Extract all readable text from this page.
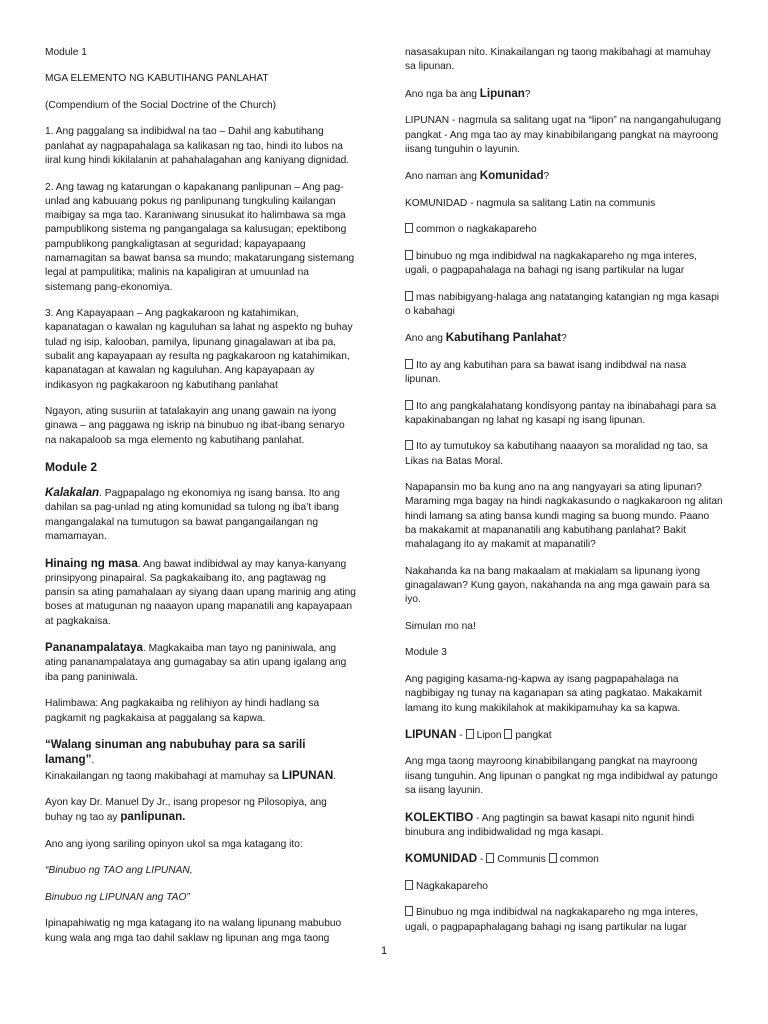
Module 1

MGA ELEMENTO NG KABUTIHANG PANLAHAT

(Compendium of the Social Doctrine of the Church)

1. Ang paggalang sa indibidwal na tao – Dahil ang kabutihang panlahat ay nagpapahalaga sa kalikasan ng tao, hindi ito lubos na iiral kung hindi kikilalanin at pahahalagahan ang kaniyang dignidad.

2. Ang tawag ng katarungan o kapakanang panlipunan – Ang pag-unlad ang kabuuang pokus ng panlipunang tungkuling kailangan maibigay sa mga tao. Karaniwang sinusukat ito halimbawa sa mga pampublikong sistema ng pangangalaga sa kalusugan; epektibong pampublikong pangkaligtasan at seguridad; kapayapaang namamagitan sa bawat bansa sa mundo; makatarungang sistemang legal at pampulitika; malinis na kapaligiran at umuunlad na sistemang pang-ekonomiya.

3. Ang Kapayapaan – Ang pagkakaroon ng katahimikan, kapanatagan o kawalan ng kaguluhan sa lahat ng aspekto ng buhay tulad ng isip, kalooban, pamilya, lipunang ginagalawan at iba pa, subalit ang kapayapaan ay resulta ng pagkakaroon ng katahimikan, kapanatagan at kawalan ng kaguluhan. Ang kapayapaan ay indikasyon ng pagkakaroon ng kabutihang panlahat

Ngayon, ating susuriin at tatalakayin ang unang gawain na iyong ginawa – ang paggawa ng iskrip na binubuo ng ibat-ibang senaryo na nakapaloob sa mga elemento ng kabutihang panlahat.

Module 2

Kalakalan. Pagpapalago ng ekonomiya ng isang bansa. Ito ang dahilan sa pag-unlad ng ating komunidad sa tulong ng iba’t ibang mangangalakal na tumutugon sa bawat pangangailangan ng mamamayan.

Hinaing ng masa. Ang bawat indibidwal ay may kanya-kanyang prinsipyong pinapairal. Sa pagkakaibang ito, ang pagtawag ng pansin sa ating pamahalaan ay siyang daan upang marinig ang ating boses at matugunan ng naaayon upang mapanatili ang kapayapaan at pagkakaisa.

Pananampalataya. Magkakaiba man tayo ng paniniwala, ang ating pananampalataya ang gumagabay sa atin upang igalang ang iba pang paniniwala.

Halimbawa: Ang pagkakaiba ng relihiyon ay hindi hadlang sa pagkamit ng pagkakaisa at paggalang sa kapwa.

“Walang sinuman ang nabubuhay para sa sarili lamang”.
Kinakailangan ng taong makibahagi at mamuhay sa LIPUNAN.

Ayon kay Dr. Manuel Dy Jr., isang propesor ng Pilosopiya, ang buhay ng tao ay panlipunan.

Ano ang iyong sariling opinyon ukol sa mga katagang ito:

“Binubuo ng TAO ang LIPUNAN,

Binubuo ng LIPUNAN ang TAO”

Ipinapahiwatig ng mga katagang ito na walang lipunang mabubuo kung wala ang mga tao dahil saklaw ng lipunan ang mga taong

nasasakupan nito. Kinakailangan ng taong makibahagi at mamuhay sa lipunan.

Ano nga ba ang Lipunan?

LIPUNAN - nagmula sa salitang ugat na “lipon” na nangangahulugang pangkat - Ang mga tao ay may kinabibilangang pangkat na mayroong iisang tunguhin o layunin.

Ano naman ang Komunidad?

KOMUNIDAD - nagmula sa salitang Latin na communis

common o nagkakapareho

binubuo ng mga indibidwal na nagkakapareho ng mga interes, ugali, o pagpapahalaga na bahagi ng isang partikular na lugar

mas nabibigyang-halaga ang natatanging katangian ng mga kasapi o kabahagi

Ano ang Kabutihang Panlahat?

Ito ay ang kabutihan para sa bawat isang indibdwal na nasa lipunan.

Ito ang pangkalahatang kondisyong pantay na ibinabahagi para sa kapakinabangan ng lahat ng kasapi ng isang lipunan.

Ito ay tumutukoy sa kabutihang naaayon sa moralidad ng tao, sa Likas na Batas Moral.

Napapansin mo ba kung ano na ang nangyayari sa ating lipunan? Maraming mga bagay na hindi nagkakasundo o nagkakaroon ng alitan hindi lamang sa ating bansa kundi maging sa buong mundo. Paano ba makakamit at mapananatili ang kabutihang panlahat? Bakit mahalagang ito ay makamit at mapanatili?

Nakahanda ka na bang makaalam at makialam sa lipunang iyong ginagalawan? Kung gayon, nakahanda na ang mga gawain para sa iyo.

Simulan mo na!

Module 3

Ang pagiging kasama-ng-kapwa ay isang pagpapahalaga na nagbibigay ng tunay na kaganapan sa ating pagkatao. Makakamit lamang ito kung makikilahok at makikipamuhay ka sa kapwa.

LIPUNAN - Lipon pangkat

Ang mga taong mayroong kinabibilangang pangkat na mayroong iisang tunguhin. Ang lipunan o pangkat ng mga indibidwal ay patungo sa iisang layunin.

KOLEKTIBO - Ang pagtingin sa bawat kasapi nito ngunit hindi binubura ang indibidwalidad ng mga kasapi.

KOMUNIDAD - Communis common

Nagkakapareho

Binubuo ng mga indibidwal na nagkakapareho ng mga interes, ugali, o pagpapaphalagang bahagi ng isang partikular na lugar

1
